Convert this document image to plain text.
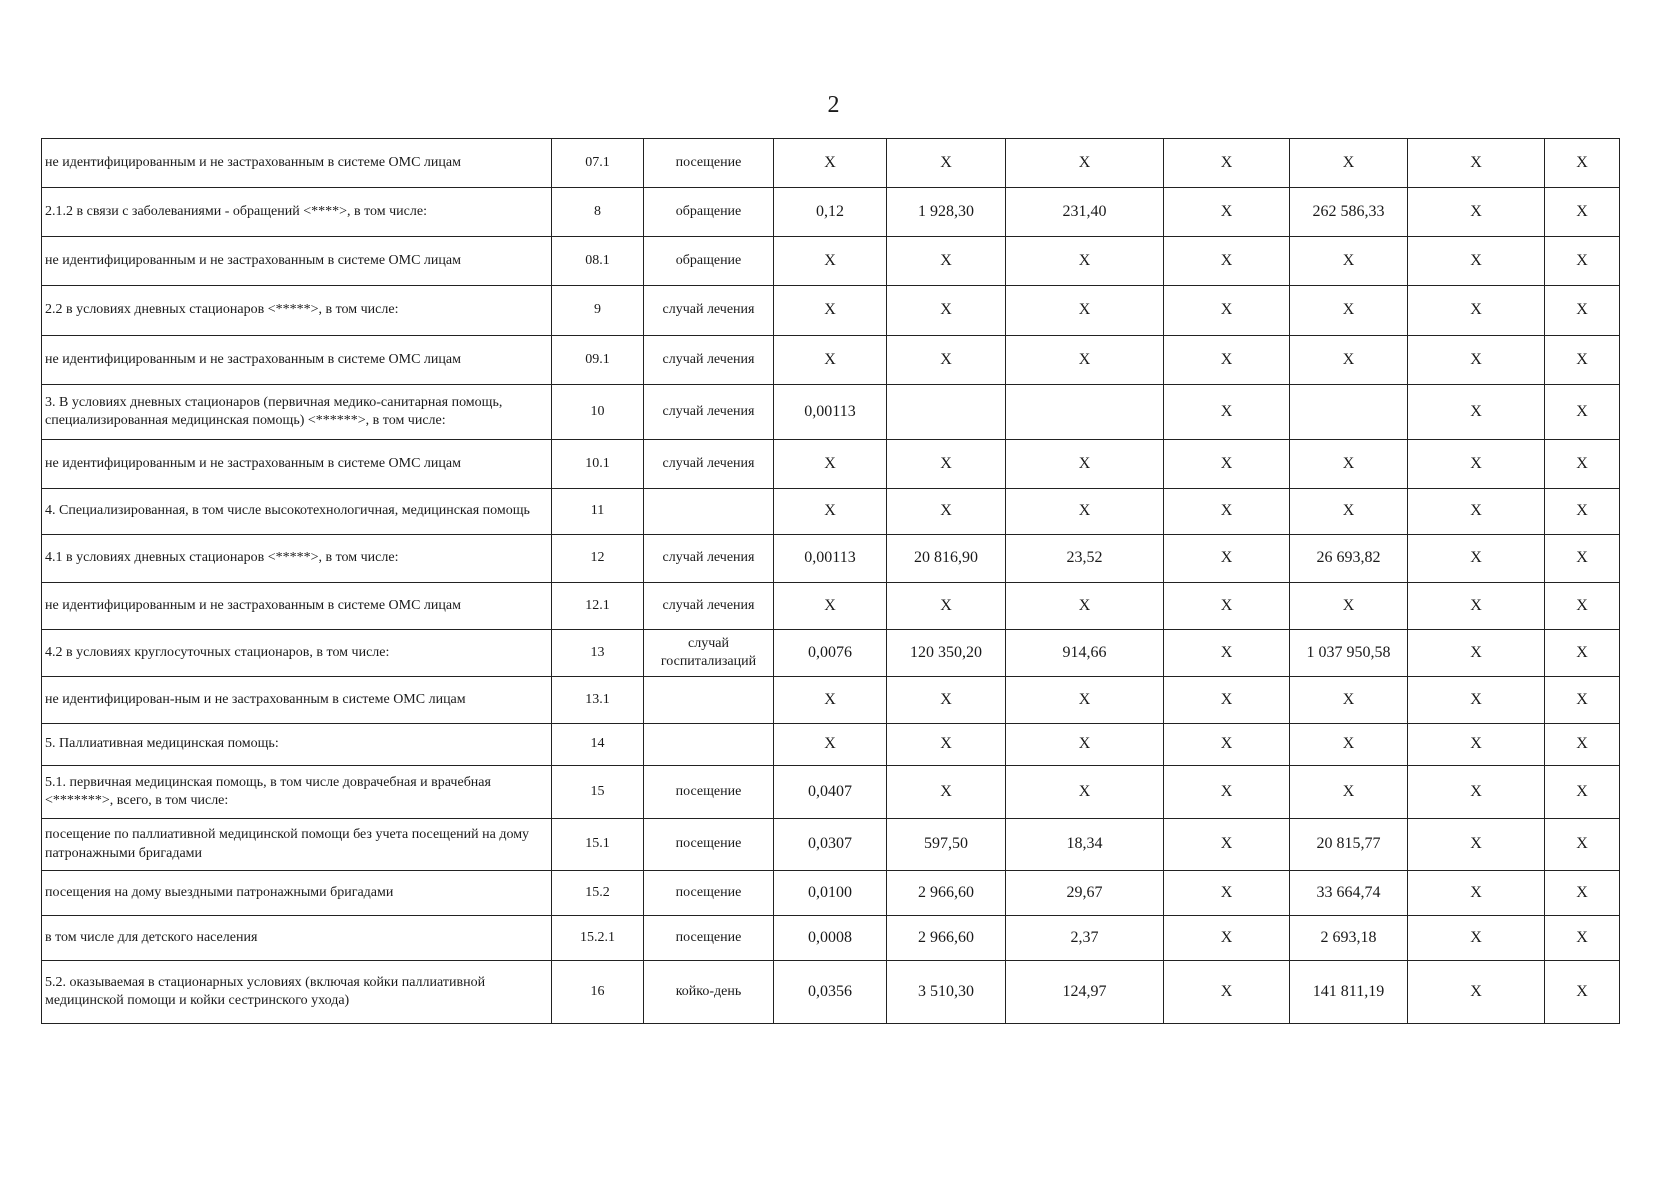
2
не идентифицированным и не застрахованным в системе ОМС лицам	07.1	посещение	X	X	X	X	X	X	X
2.1.2 в связи с заболеваниями - обращений <****>, в том числе:	8	обращение	0,12	1 928,30	231,40	X	262 586,33	X	X
не идентифицированным и не застрахованным в системе ОМС лицам	08.1	обращение	X	X	X	X	X	X	X
2.2 в условиях дневных стационаров <*****>, в том числе:	9	случай лечения	X	X	X	X	X	X	X
не идентифицированным и не застрахованным в системе ОМС лицам	09.1	случай лечения	X	X	X	X	X	X	X
3. В условиях дневных стационаров (первичная медико-санитарная помощь, специализированная медицинская помощь) <******>, в том числе:	10	случай лечения	0,00113			X		X	X
не идентифицированным и не застрахованным в системе ОМС лицам	10.1	случай лечения	X	X	X	X	X	X	X
4. Специализированная, в том числе высокотехнологичная, медицинская помощь	11		X	X	X	X	X	X	X
4.1 в условиях дневных стационаров <*****>, в том числе:	12	случай лечения	0,00113	20 816,90	23,52	X	26 693,82	X	X
не идентифицированным и не застрахованным в системе ОМС лицам	12.1	случай лечения	X	X	X	X	X	X	X
4.2 в условиях круглосуточных стационаров, в том числе:	13	случай госпитализаций	0,0076	120 350,20	914,66	X	1 037 950,58	X	X
не идентифицирован-ным и не застрахованным в системе ОМС лицам	13.1		X	X	X	X	X	X	X
5. Паллиативная медицинская помощь:	14		X	X	X	X	X	X	X
5.1. первичная медицинская помощь, в том числе доврачебная и врачебная <*******>, всего, в том числе:	15	посещение	0,0407	X	X	X	X	X	X
посещение по паллиативной медицинской помощи без учета посещений на дому патронажными бригадами	15.1	посещение	0,0307	597,50	18,34	X	20 815,77	X	X
посещения на дому выездными патронажными бригадами	15.2	посещение	0,0100	2 966,60	29,67	X	33 664,74	X	X
в том числе для детского населения	15.2.1	посещение	0,0008	2 966,60	2,37	X	2 693,18	X	X
5.2. оказываемая в стационарных условиях (включая койки паллиативной медицинской помощи и койки сестринского ухода)	16	койко-день	0,0356	3 510,30	124,97	X	141 811,19	X	X
